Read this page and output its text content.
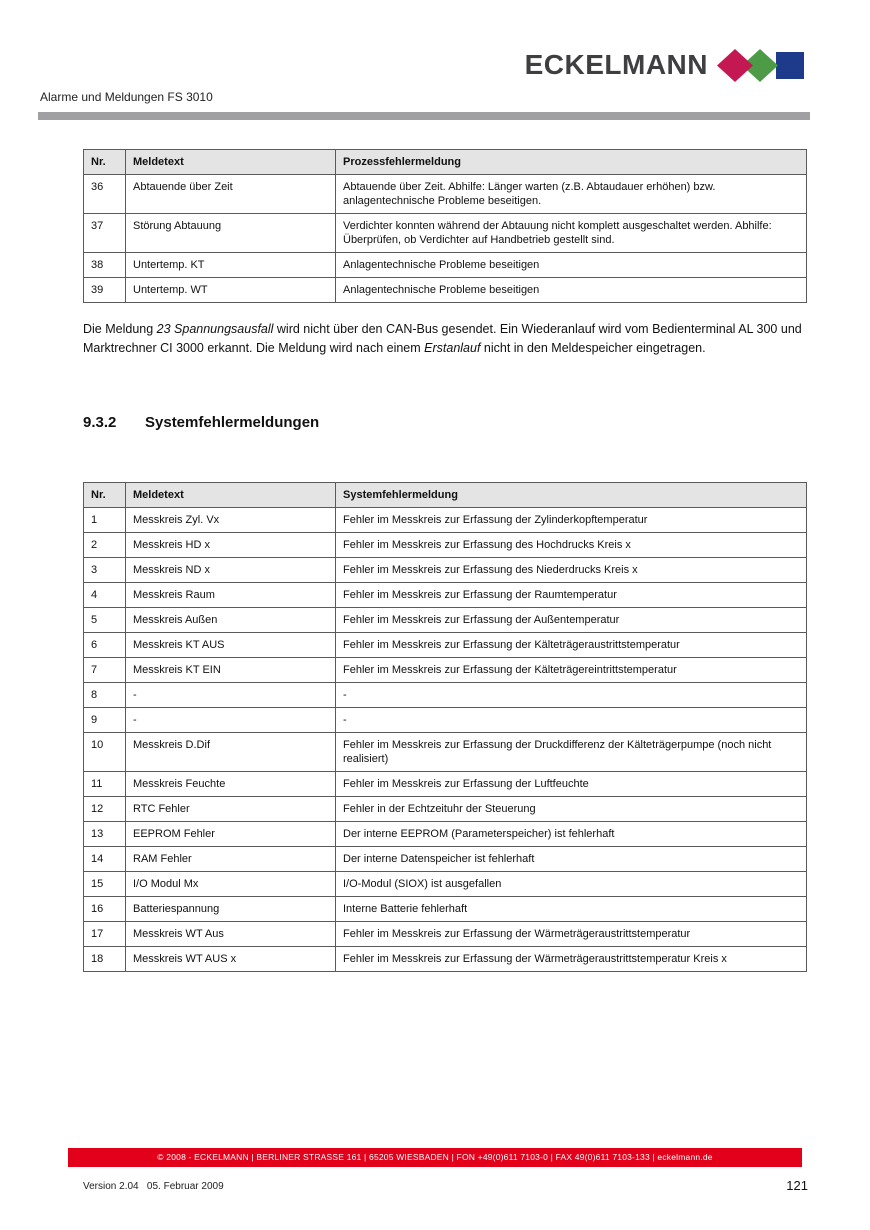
ECKELMANN
Alarme und Meldungen FS 3010
Nr.	Meldetext	Prozessfehlermeldung
36	Abtauende über Zeit	Abtauende über Zeit. Abhilfe: Länger warten (z.B. Abtaudauer erhöhen) bzw. anlagentechnische Probleme beseitigen.
37	Störung Abtauung	Verdichter konnten während der Abtauung nicht komplett ausgeschaltet werden. Abhilfe: Überprüfen, ob Verdichter auf Handbetrieb gestellt sind.
38	Untertemp. KT	Anlagentechnische Probleme beseitigen
39	Untertemp. WT	Anlagentechnische Probleme beseitigen

Die Meldung 23 Spannungsausfall wird nicht über den CAN-Bus gesendet. Ein Wiederanlauf wird vom Bedienterminal AL 300 und Marktrechner CI 3000 erkannt. Die Meldung wird nach einem Erstanlauf nicht in den Meldespeicher eingetragen.

9.3.2	Systemfehlermeldungen
Nr.	Meldetext	Systemfehlermeldung
1	Messkreis Zyl. Vx	Fehler im Messkreis zur Erfassung der Zylinderkopftemperatur
2	Messkreis HD x	Fehler im Messkreis zur Erfassung des Hochdrucks Kreis x
3	Messkreis ND x	Fehler im Messkreis zur Erfassung des Niederdrucks Kreis x
4	Messkreis Raum	Fehler im Messkreis zur Erfassung der Raumtemperatur
5	Messkreis Außen	Fehler im Messkreis zur Erfassung der Außentemperatur
6	Messkreis KT AUS	Fehler im Messkreis zur Erfassung der Kälteträgeraustrittstemperatur
7	Messkreis KT EIN	Fehler im Messkreis zur Erfassung der Kälteträgereintrittstemperatur
8	-	-
9	-	-
10	Messkreis D.Dif	Fehler im Messkreis zur Erfassung der Druckdifferenz der Kälteträgerpumpe (noch nicht realisiert)
11	Messkreis Feuchte	Fehler im Messkreis zur Erfassung der Luftfeuchte
12	RTC Fehler	Fehler in der Echtzeituhr der Steuerung
13	EEPROM Fehler	Der interne EEPROM (Parameterspeicher) ist fehlerhaft
14	RAM Fehler	Der interne Datenspeicher ist fehlerhaft
15	I/O Modul Mx	I/O-Modul (SIOX) ist ausgefallen
16	Batteriespannung	Interne Batterie fehlerhaft
17	Messkreis WT Aus	Fehler im Messkreis zur Erfassung der Wärmeträgeraustrittstemperatur
18	Messkreis WT AUS x	Fehler im Messkreis zur Erfassung der Wärmeträgeraustrittstemperatur Kreis x
© 2008 - ECKELMANN | BERLINER STRASSE 161 | 65205 WIESBADEN | FON +49(0)611 7103-0 | FAX 49(0)611 7103-133 | eckelmann.de
Version 2.04   05. Februar 2009	121
